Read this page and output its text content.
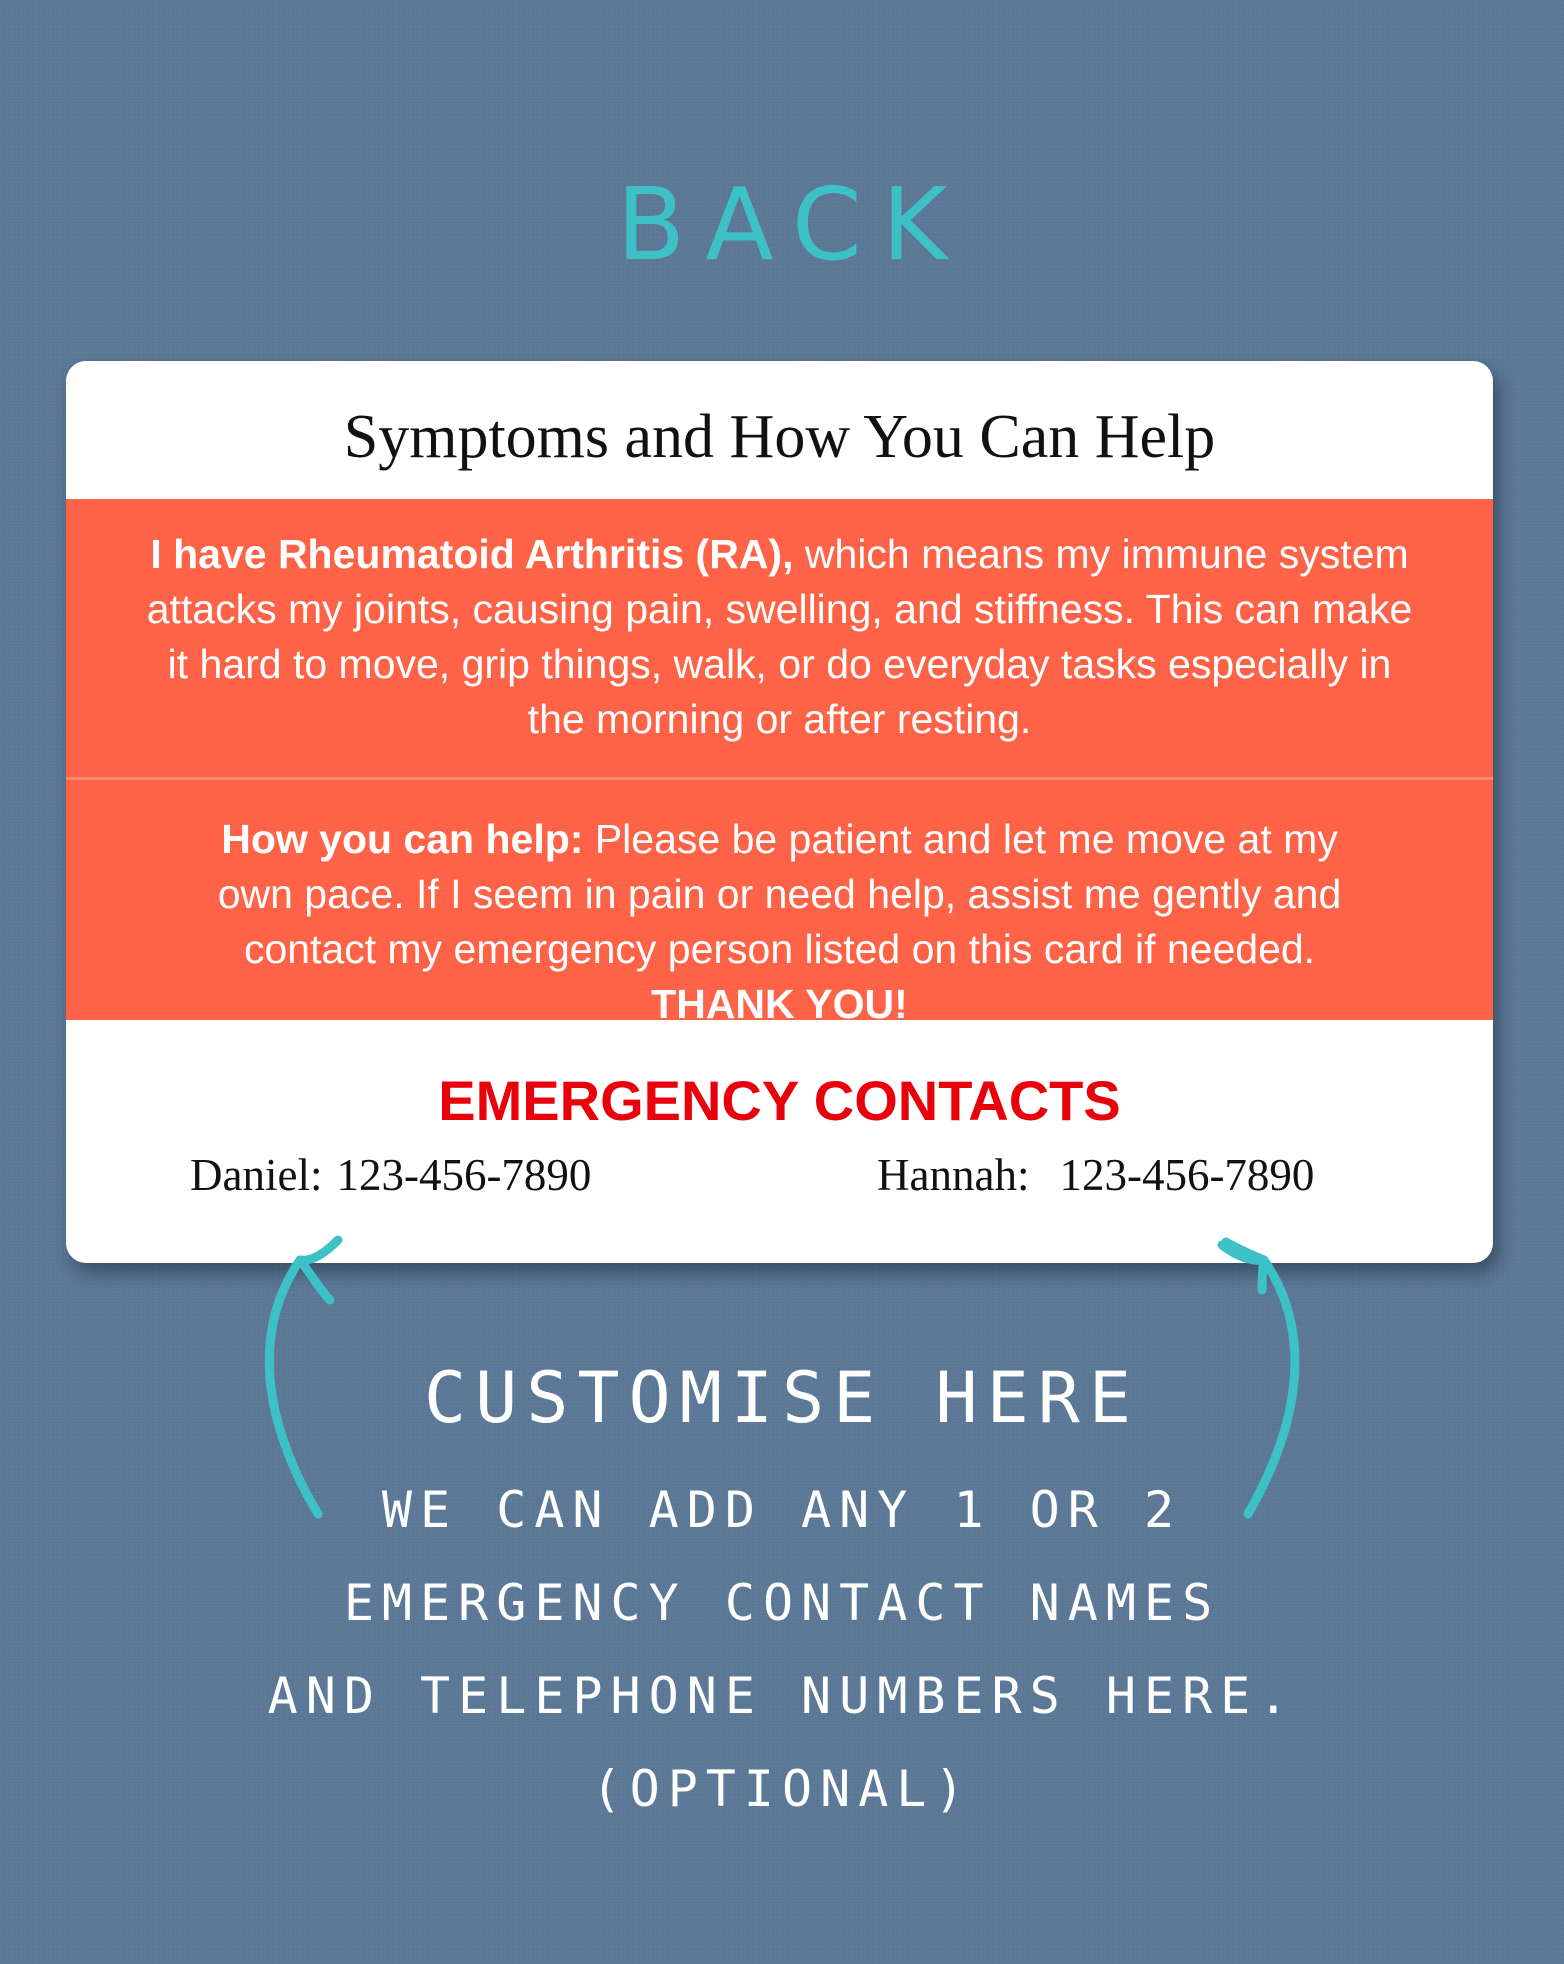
BACK
Symptoms and How You Can Help
I have Rheumatoid Arthritis (RA), which means my immune system attacks my joints, causing pain, swelling, and stiffness. This can make it hard to move, grip things, walk, or do everyday tasks especially in the morning or after resting.
How you can help: Please be patient and let me move at my own pace. If I seem in pain or need help, assist me gently and contact my emergency person listed on this card if needed. THANK YOU!
EMERGENCY CONTACTS
Daniel: 123-456-7890	Hannah: 123-456-7890
CUSTOMISE HERE
WE CAN ADD ANY 1 OR 2
EMERGENCY CONTACT NAMES
AND TELEPHONE NUMBERS HERE.
(OPTIONAL)
